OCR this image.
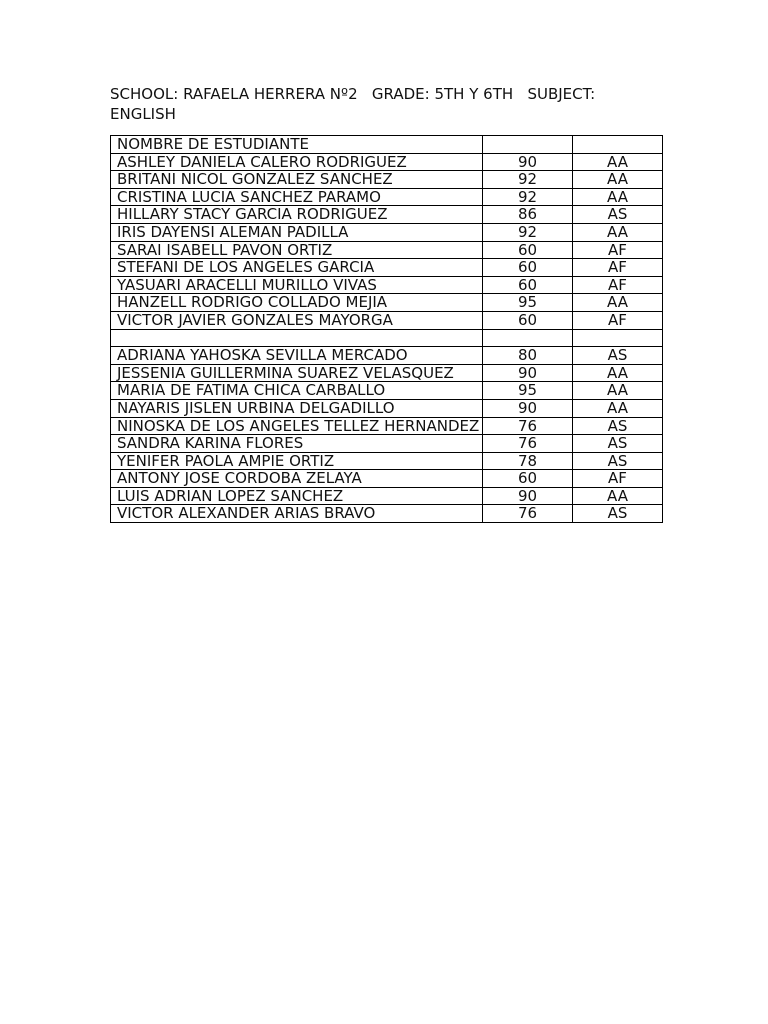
SCHOOL: RAFAELA HERRERA Nº2   GRADE: 5TH Y 6TH   SUBJECT: ENGLISH
NOMBRE DE ESTUDIANTE		
ASHLEY DANIELA CALERO RODRIGUEZ	90	AA
BRITANI NICOL GONZALEZ SANCHEZ	92	AA
CRISTINA LUCIA SANCHEZ PARAMO	92	AA
HILLARY STACY GARCIA RODRIGUEZ	86	AS
IRIS DAYENSI ALEMAN PADILLA	92	AA
SARAI ISABELL PAVON ORTIZ	60	AF
STEFANI DE LOS ANGELES GARCIA	60	AF
YASUARI ARACELLI MURILLO VIVAS	60	AF
HANZELL RODRIGO COLLADO MEJIA	95	AA
VICTOR JAVIER GONZALES MAYORGA	60	AF

ADRIANA YAHOSKA SEVILLA MERCADO	80	AS
JESSENIA GUILLERMINA SUAREZ VELASQUEZ	90	AA
MARIA DE FATIMA CHICA CARBALLO	95	AA
NAYARIS JISLEN URBINA DELGADILLO	90	AA
NINOSKA DE LOS ANGELES TELLEZ HERNANDEZ	76	AS
SANDRA KARINA FLORES	76	AS
YENIFER PAOLA AMPIE ORTIZ	78	AS
ANTONY JOSE CORDOBA ZELAYA	60	AF
LUIS ADRIAN LOPEZ SANCHEZ	90	AA
VICTOR ALEXANDER ARIAS BRAVO	76	AS
